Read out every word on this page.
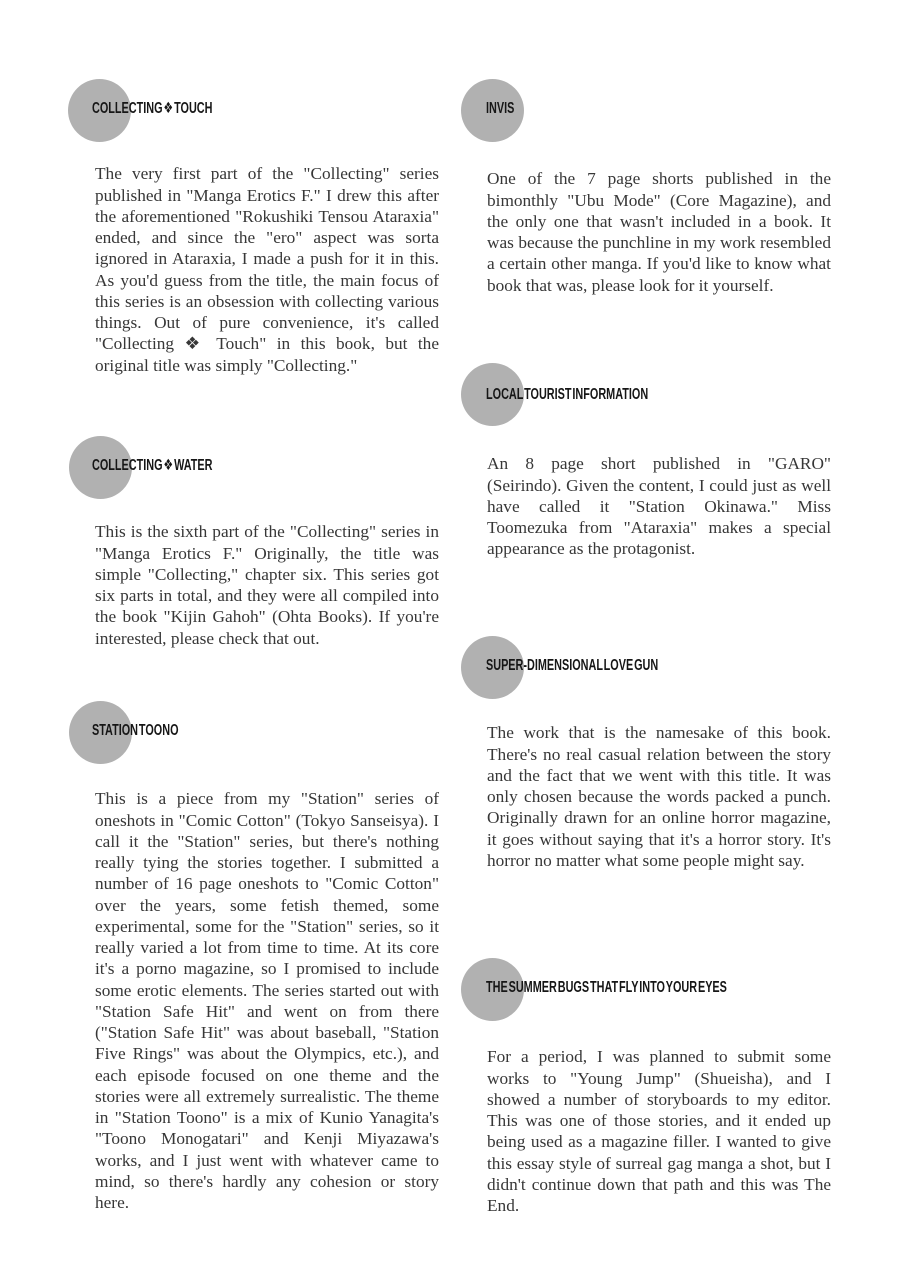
COLLECTING ❖ TOUCH

The very first part of the "Collecting" series published in "Manga Erotics F." I drew this after the aforementioned "Rokushiki Tensou Ataraxia" ended, and since the "ero" aspect was sorta ignored in Ataraxia, I made a push for it in this. As you'd guess from the title, the main focus of this series is an obsession with collecting various things. Out of pure convenience, it's called "Collecting ❖ Touch" in this book, but the original title was simply "Collecting."

COLLECTING ❖ WATER

This is the sixth part of the "Collecting" series in "Manga Erotics F." Originally, the title was simple "Collecting," chapter six. This series got six parts in total, and they were all compiled into the book "Kijin Gahoh" (Ohta Books). If you're interested, please check that out.

STATION TOONO

This is a piece from my "Station" series of oneshots in "Comic Cotton" (Tokyo Sanseisya). I call it the "Station" series, but there's nothing really tying the stories together. I submitted a number of 16 page oneshots to "Comic Cotton" over the years, some fetish themed, some experimental, some for the "Station" series, so it really varied a lot from time to time. At its core it's a porno magazine, so I promised to include some erotic elements. The series started out with "Station Safe Hit" and went on from there ("Station Safe Hit" was about baseball, "Station Five Rings" was about the Olympics, etc.), and each episode focused on one theme and the stories were all extremely surrealistic. The theme in "Station Toono" is a mix of Kunio Yanagita's "Toono Monogatari" and Kenji Miyazawa's works, and I just went with whatever came to mind, so there's hardly any cohesion or story here.

INVIS

One of the 7 page shorts published in the bimonthly "Ubu Mode" (Core Magazine), and the only one that wasn't included in a book. It was because the punchline in my work resembled a certain other manga. If you'd like to know what book that was, please look for it yourself.

LOCAL TOURIST INFORMATION

An 8 page short published in "GARO" (Seirindo). Given the content, I could just as well have called it "Station Okinawa." Miss Toomezuka from "Ataraxia" makes a special appearance as the protagonist.

SUPER-DIMENSIONAL LOVE GUN

The work that is the namesake of this book. There's no real casual relation between the story and the fact that we went with this title. It was only chosen because the words packed a punch. Originally drawn for an online horror magazine, it goes without saying that it's a horror story. It's horror no matter what some people might say.

THE SUMMER BUGS THAT FLY INTO YOUR EYES

For a period, I was planned to submit some works to "Young Jump" (Shueisha), and I showed a number of storyboards to my editor. This was one of those stories, and it ended up being used as a magazine filler. I wanted to give this essay style of surreal gag manga a shot, but I didn't continue down that path and this was The End.
